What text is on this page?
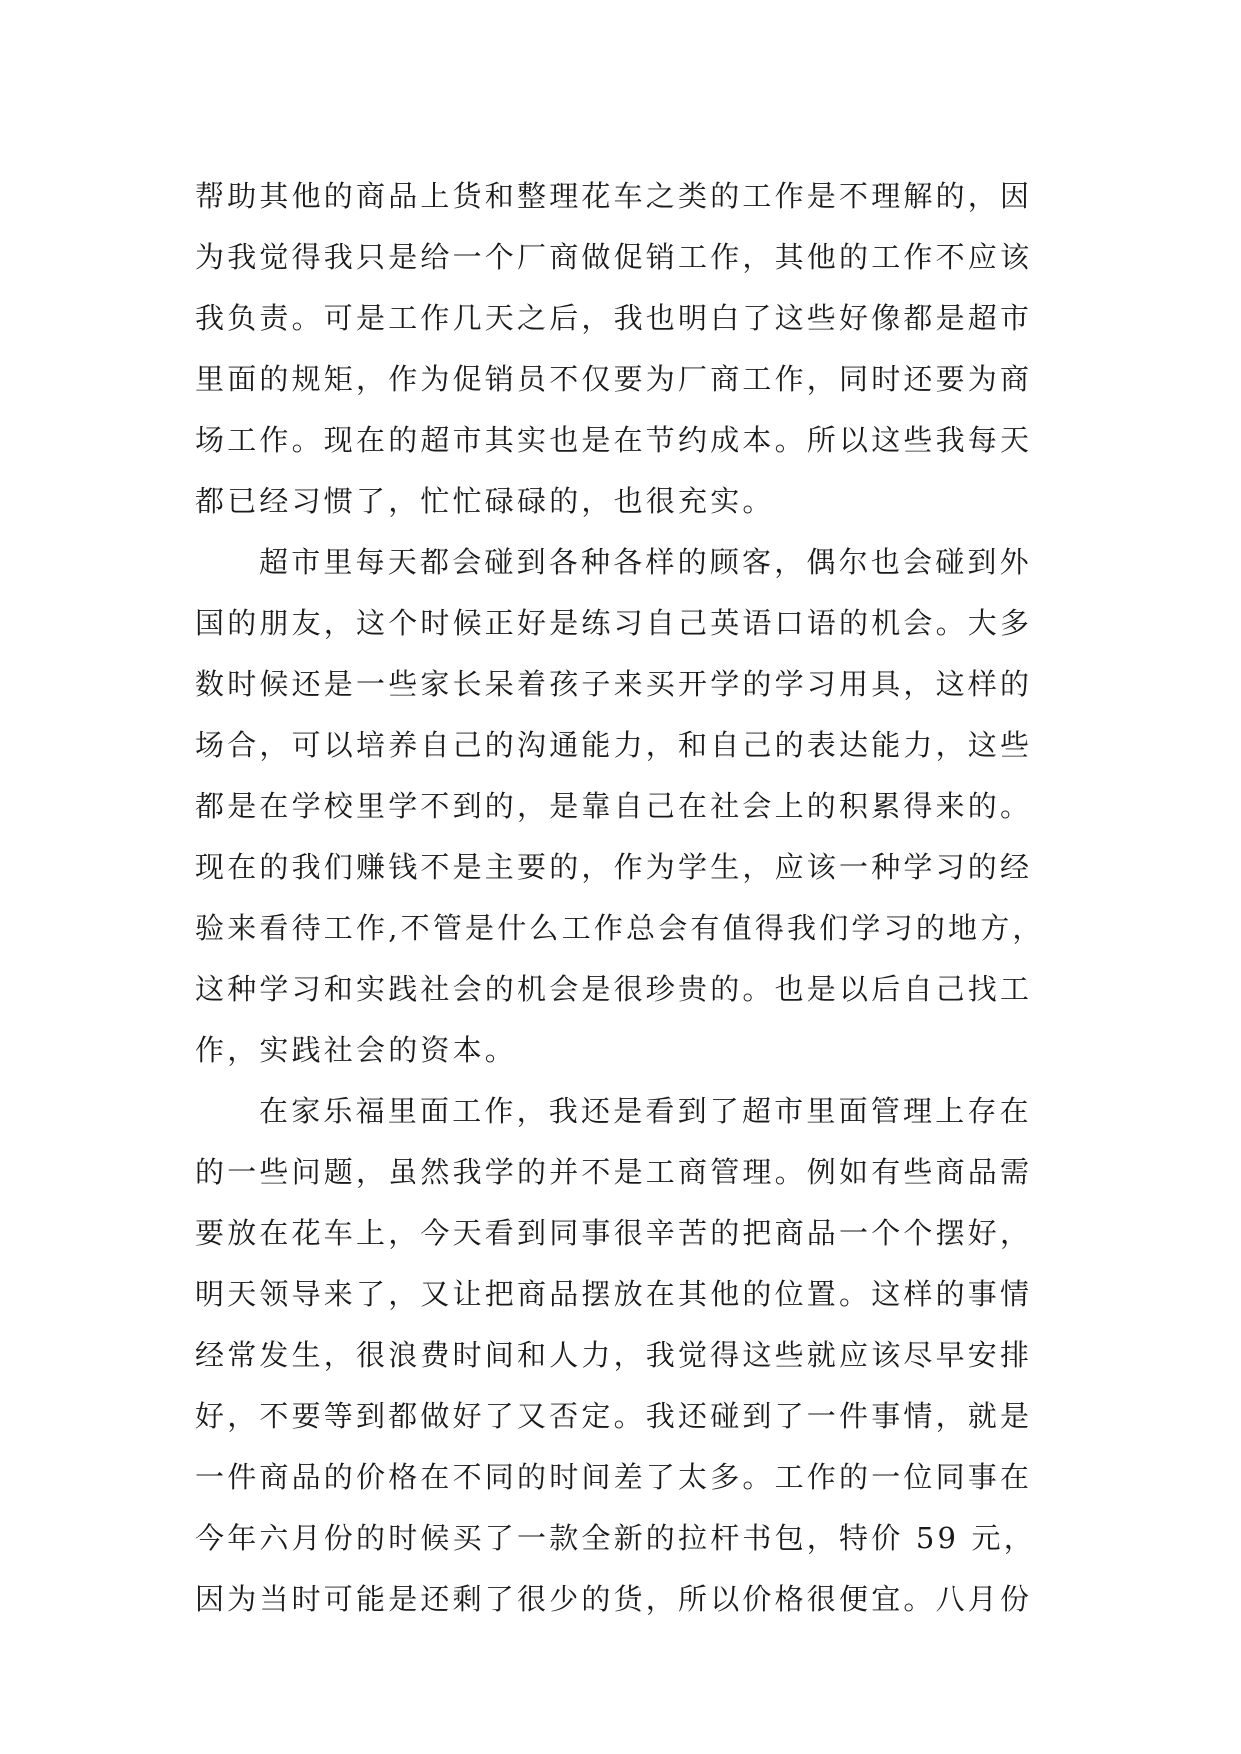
帮助其他的商品上货和整理花车之类的工作是不理解的，因
为我觉得我只是给一个厂商做促销工作，其他的工作不应该
我负责。可是工作几天之后，我也明白了这些好像都是超市
里面的规矩，作为促销员不仅要为厂商工作，同时还要为商
场工作。现在的超市其实也是在节约成本。所以这些我每天
都已经习惯了，忙忙碌碌的，也很充实。
超市里每天都会碰到各种各样的顾客，偶尔也会碰到外
国的朋友，这个时候正好是练习自己英语口语的机会。大多
数时候还是一些家长呆着孩子来买开学的学习用具，这样的
场合，可以培养自己的沟通能力，和自己的表达能力，这些
都是在学校里学不到的，是靠自己在社会上的积累得来的。
现在的我们赚钱不是主要的，作为学生，应该一种学习的经
验来看待工作,不管是什么工作总会有值得我们学习的地方，
这种学习和实践社会的机会是很珍贵的。也是以后自己找工
作，实践社会的资本。
在家乐福里面工作，我还是看到了超市里面管理上存在
的一些问题，虽然我学的并不是工商管理。例如有些商品需
要放在花车上，今天看到同事很辛苦的把商品一个个摆好，
明天领导来了，又让把商品摆放在其他的位置。这样的事情
经常发生，很浪费时间和人力，我觉得这些就应该尽早安排
好，不要等到都做好了又否定。我还碰到了一件事情，就是
一件商品的价格在不同的时间差了太多。工作的一位同事在
今年六月份的时候买了一款全新的拉杆书包，特价 59 元，
因为当时可能是还剩了很少的货，所以价格很便宜。八月份
